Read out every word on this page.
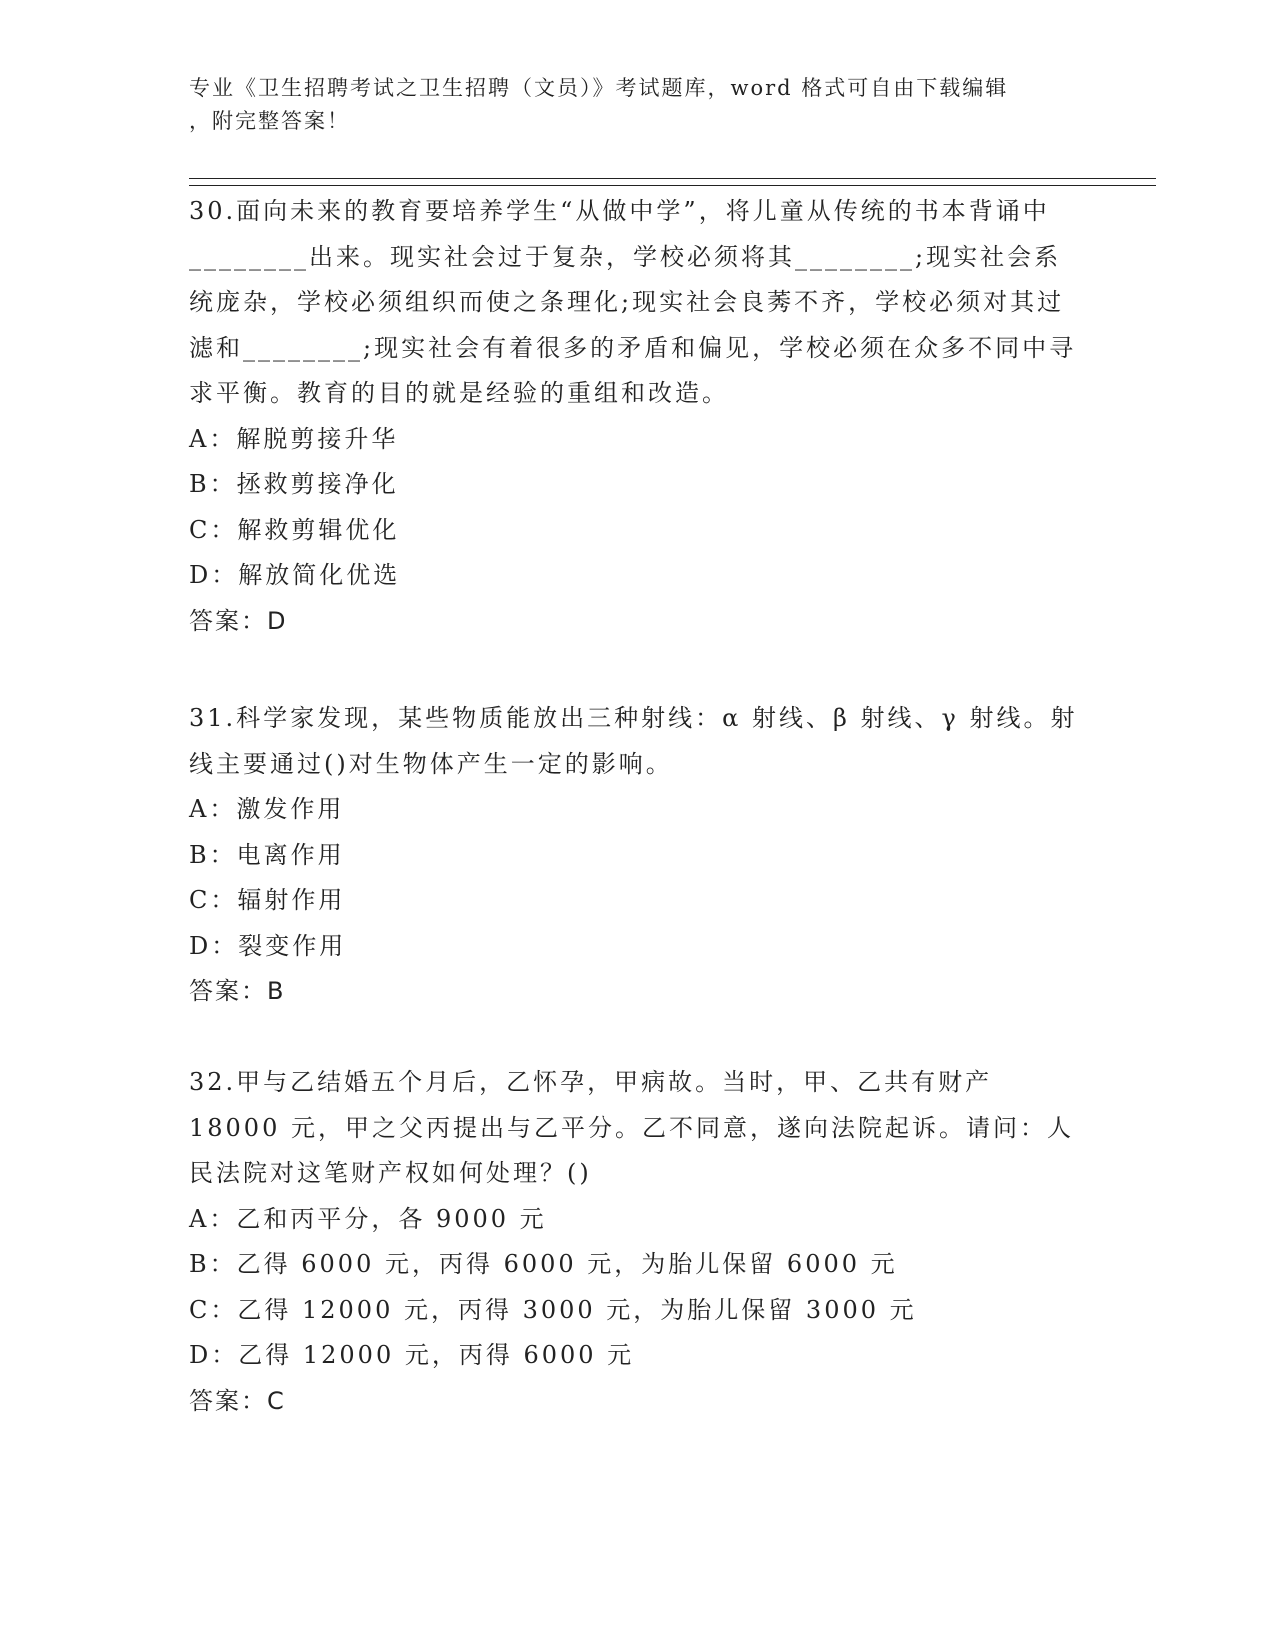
专业《卫生招聘考试之卫生招聘（文员）》考试题库，word 格式可自由下载编辑
，附完整答案！
30.面向未来的教育要培养学生“从做中学”，将儿童从传统的书本背诵中________出来。现实社会过于复杂，学校必须将其________;现实社会系统庞杂，学校必须组织而使之条理化;现实社会良莠不齐，学校必须对其过滤和________;现实社会有着很多的矛盾和偏见，学校必须在众多不同中寻求平衡。教育的目的就是经验的重组和改造。
A：解脱剪接升华
B：拯救剪接净化
C：解救剪辑优化
D：解放简化优选
答案：D
31.科学家发现，某些物质能放出三种射线：α 射线、β 射线、γ 射线。射线主要通过()对生物体产生一定的影响。
A：激发作用
B：电离作用
C：辐射作用
D：裂变作用
答案：B
32.甲与乙结婚五个月后，乙怀孕，甲病故。当时，甲、乙共有财产 18000 元，甲之父丙提出与乙平分。乙不同意，遂向法院起诉。请问：人民法院对这笔财产权如何处理？()
A：乙和丙平分，各 9000 元
B：乙得 6000 元，丙得 6000 元，为胎儿保留 6000 元
C：乙得 12000 元，丙得 3000 元，为胎儿保留 3000 元
D：乙得 12000 元，丙得 6000 元
答案：C
